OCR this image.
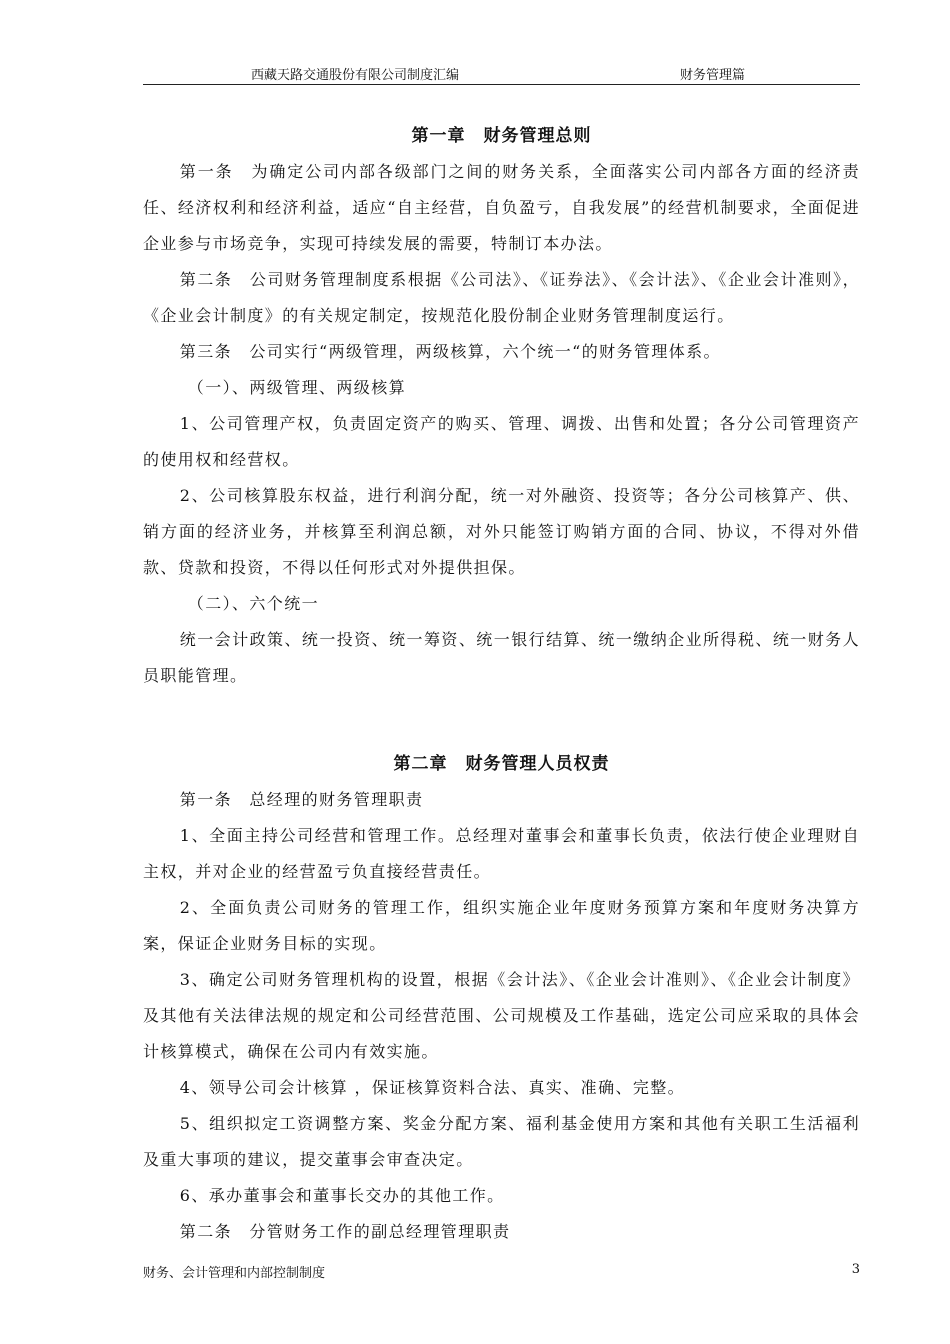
西藏天路交通股份有限公司制度汇编	财务管理篇
第一章　财务管理总则

第一条　为确定公司内部各级部门之间的财务关系，全面落实公司内部各方面的经济责任、经济权利和经济利益，适应“自主经营，自负盈亏，自我发展”的经营机制要求，全面促进企业参与市场竞争，实现可持续发展的需要，特制订本办法。

第二条　公司财务管理制度系根据《公司法》、《证券法》、《会计法》、《企业会计准则》，《企业会计制度》的有关规定制定，按规范化股份制企业财务管理制度运行。

第三条　公司实行“两级管理，两级核算，六个统一“的财务管理体系。

（一）、两级管理、两级核算

1、公司管理产权，负责固定资产的购买、管理、调拨、出售和处置；各分公司管理资产的使用权和经营权。

2、公司核算股东权益，进行利润分配，统一对外融资、投资等；各分公司核算产、供、销方面的经济业务，并核算至利润总额，对外只能签订购销方面的合同、协议，不得对外借款、贷款和投资，不得以任何形式对外提供担保。

（二）、六个统一

统一会计政策、统一投资、统一筹资、统一银行结算、统一缴纳企业所得税、统一财务人员职能管理。

第二章　财务管理人员权责

第一条　总经理的财务管理职责

1、全面主持公司经营和管理工作。总经理对董事会和董事长负责，依法行使企业理财自主权，并对企业的经营盈亏负直接经营责任。

2、全面负责公司财务的管理工作，组织实施企业年度财务预算方案和年度财务决算方案，保证企业财务目标的实现。

3、确定公司财务管理机构的设置，根据《会计法》、《企业会计准则》、《企业会计制度》及其他有关法律法规的规定和公司经营范围、公司规模及工作基础，选定公司应采取的具体会计核算模式，确保在公司内有效实施。

4、领导公司会计核算 ，保证核算资料合法、真实、准确、完整。

5、组织拟定工资调整方案、奖金分配方案、福利基金使用方案和其他有关职工生活福利及重大事项的建议，提交董事会审查决定。

6、承办董事会和董事长交办的其他工作。

第二条　分管财务工作的副总经理管理职责

财务、会计管理和内部控制制度	3
